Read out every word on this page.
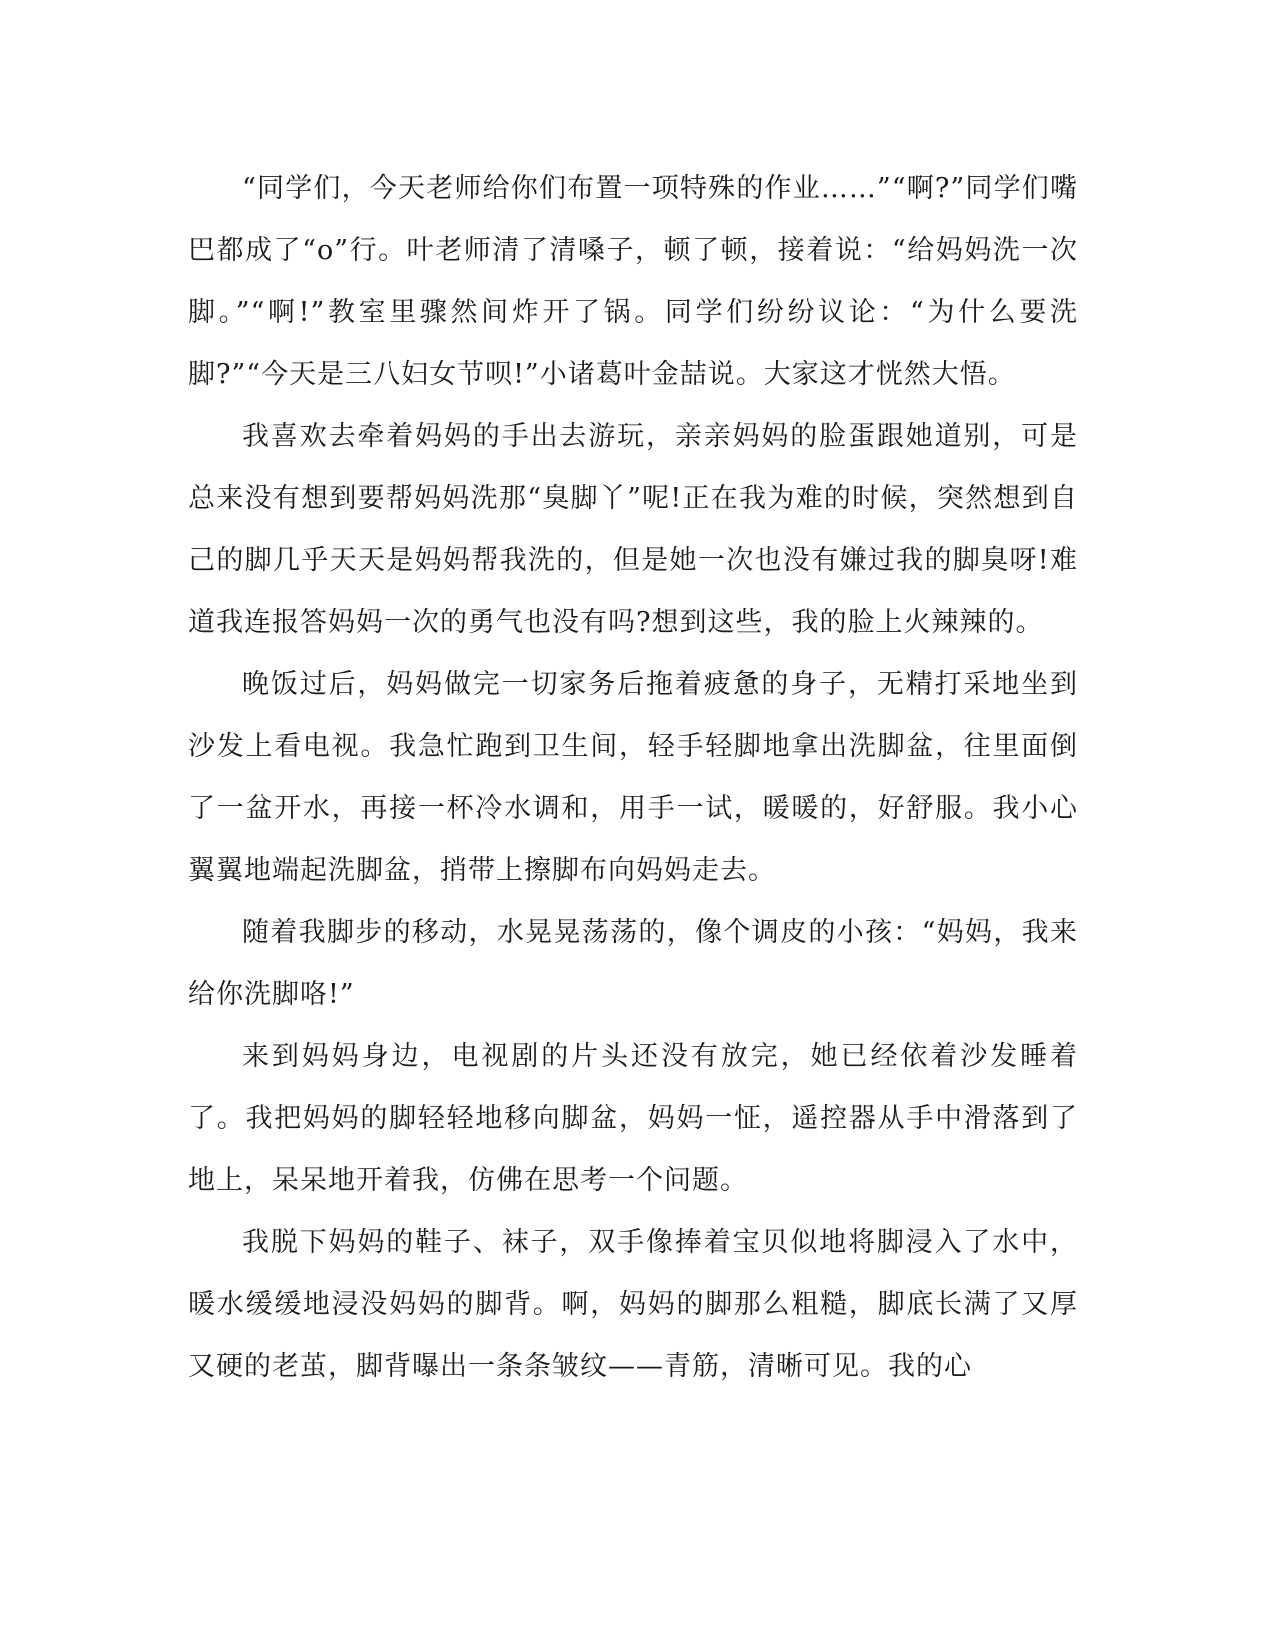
“同学们，今天老师给你们布置一项特殊的作业……”“啊?”同学们嘴巴都成了“o”行。叶老师清了清嗓子，顿了顿，接着说：“给妈妈洗一次脚。”“啊!”教室里骤然间炸开了锅。同学们纷纷议论：“为什么要洗脚?”“今天是三八妇女节呗!”小诸葛叶金喆说。大家这才恍然大悟。

我喜欢去牵着妈妈的手出去游玩，亲亲妈妈的脸蛋跟她道别，可是总来没有想到要帮妈妈洗那“臭脚丫”呢!正在我为难的时候，突然想到自己的脚几乎天天是妈妈帮我洗的，但是她一次也没有嫌过我的脚臭呀!难道我连报答妈妈一次的勇气也没有吗?想到这些，我的脸上火辣辣的。

晚饭过后，妈妈做完一切家务后拖着疲惫的身子，无精打采地坐到沙发上看电视。我急忙跑到卫生间，轻手轻脚地拿出洗脚盆，往里面倒了一盆开水，再接一杯冷水调和，用手一试，暖暖的，好舒服。我小心翼翼地端起洗脚盆，捎带上擦脚布向妈妈走去。

随着我脚步的移动，水晃晃荡荡的，像个调皮的小孩：“妈妈，我来给你洗脚咯!”

来到妈妈身边，电视剧的片头还没有放完，她已经依着沙发睡着了。我把妈妈的脚轻轻地移向脚盆，妈妈一怔，遥控器从手中滑落到了地上，呆呆地开着我，仿佛在思考一个问题。

我脱下妈妈的鞋子、袜子，双手像捧着宝贝似地将脚浸入了水中，暖水缓缓地浸没妈妈的脚背。啊，妈妈的脚那么粗糙，脚底长满了又厚又硬的老茧，脚背曝出一条条皱纹——青筋，清晰可见。我的心
